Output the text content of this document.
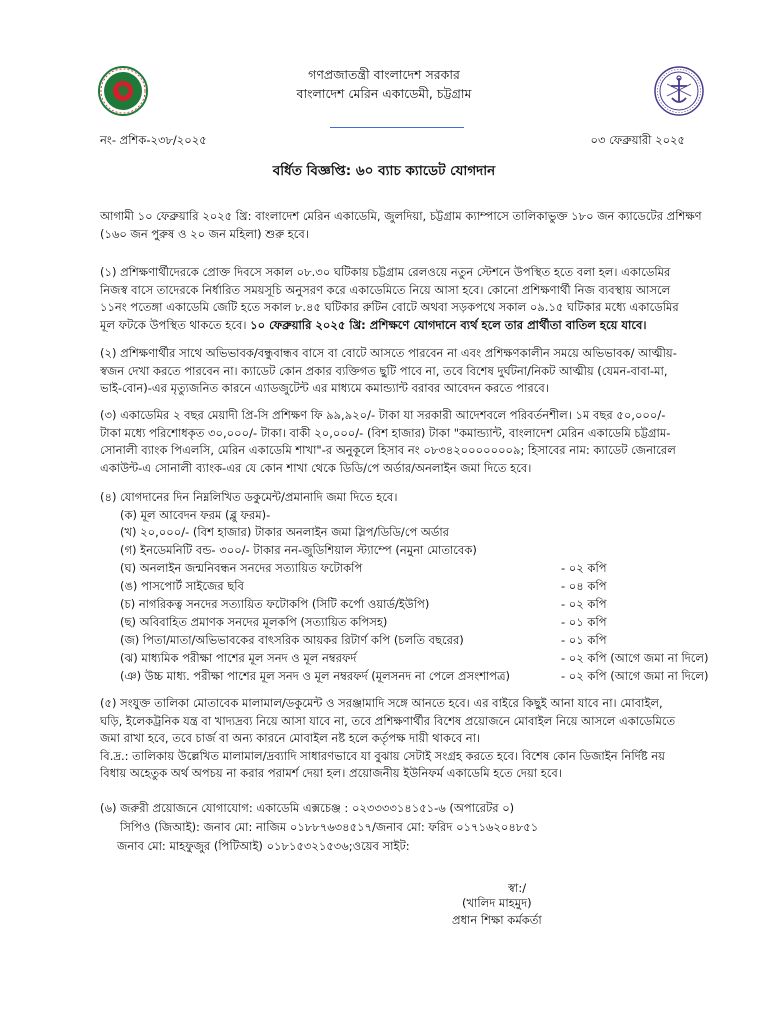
গণপ্রজাতন্ত্রী বাংলাদেশ সরকার
বাংলাদেশ মেরিন একাডেমী, চট্টগ্রাম
নং- প্রশিক-২৩৮/২০২৫	০৩ ফেব্রুয়ারী ২০২৫
বর্ধিত বিজ্ঞপ্তি: ৬০ ব্যাচ ক্যাডেট যোগদান

আগামী ১০ ফেব্রুয়ারি ২০২৫ খ্রি: বাংলাদেশ মেরিন একাডেমি, জুলদিয়া, চট্টগ্রাম ক্যাম্পাসে তালিকাভুক্ত ১৮০ জন ক্যাডেটের প্রশিক্ষণ

(১৬০ জন পুরুষ ও ২০ জন মহিলা) শুরু হবে।

(১) প্রশিক্ষণার্থীদেরকে প্রোক্ত দিবসে সকাল ০৮.৩০ ঘটিকায় চট্টগ্রাম রেলওয়ে নতুন স্টেশনে উপস্থিত হতে বলা হল। একাডেমির

নিজস্ব বাসে তাদেরকে নির্ধারিত সময়সূচি অনুসরণ করে একাডেমিতে নিয়ে আসা হবে। কোনো প্রশিক্ষণার্থী নিজ ব্যবস্থায় আসলে

১১নং পতেঙ্গা একাডেমি জেটি হতে সকাল ৮.৪৫ ঘটিকার রুটিন বোটে অথবা সড়কপথে সকাল ০৯.১৫ ঘটিকার মধ্যে একাডেমির

মূল ফটকে উপস্থিত থাকতে হবে। ১০ ফেব্রুয়ারি ২০২৫ খ্রি: প্রশিক্ষণে যোগদানে ব্যর্থ হলে তার প্রার্থীতা বাতিল হয়ে যাবে।

(২) প্রশিক্ষণার্থীর সাথে অভিভাবক/বন্ধুবান্ধব বাসে বা বোটে আসতে পারবেন না এবং প্রশিক্ষণকালীন সময়ে অভিভাবক/ আত্মীয়-

স্বজন দেখা করতে পারবেন না। ক্যাডেট কোন প্রকার ব্যক্তিগত ছুটি পাবে না, তবে বিশেষ দুর্ঘটনা/নিকট আত্মীয় (যেমন-বাবা-মা,

ভাই-বোন)-এর মৃত্যুজনিত কারনে এ্যাডজুটেন্ট এর মাধ্যমে কমান্ড্যান্ট বরাবর আবেদন করতে পারবে।

(৩) একাডেমির ২ বছর মেয়াদী প্রি-সি প্রশিক্ষণ ফি ৯৯,৯২০/- টাকা যা সরকারী আদেশবলে পরিবর্তনশীল। ১ম বছর ৫০,০০০/-

টাকা মধ্যে পরিশোধকৃত ৩০,০০০/- টাকা। বাকী ২০,০০০/- (বিশ হাজার) টাকা "কমান্ড্যান্ট, বাংলাদেশ মেরিন একাডেমি চট্টগ্রাম-

সোনালী ব্যাংক পিএলসি, মেরিন একাডেমি শাখা"-র অনুকূলে হিসাব নং ০৮৩৪২০০০০০০০৯; হিসাবের নাম: ক্যাডেট জেনারেল

একাউন্ট-এ সোনালী ব্যাংক-এর যে কোন শাখা থেকে ডিডি/পে অর্ডার/অনলাইন জমা দিতে হবে।

(৪) যোগদানের দিন নিম্নলিখিত ডকুমেন্ট/প্রমানাদি জমা দিতে হবে।
(ক) মূল আবেদন ফরম (ব্লু ফরম)-
(খ) ২০,০০০/- (বিশ হাজার) টাকার অনলাইন জমা স্লিপ/ডিডি/পে অর্ডার
(গ) ইনডেমনিটি বন্ড- ৩০০/- টাকার নন-জুডিশিয়াল স্ট্যাম্পে (নমুনা মোতাবেক)
(ঘ) অনলাইন জন্মনিবন্ধন সনদের সত্যায়িত ফটোকপি	- ০২ কপি
(ঙ) পাসপোর্ট সাইজের ছবি	- ০৪ কপি
(চ) নাগরিকত্ব সনদের সত্যায়িত ফটোকপি (সিটি কর্পো ওয়ার্ড/ইউপি)	- ০২ কপি
(ছ) অবিবাহিত প্রমাণক সনদের মূলকপি (সত্যায়িত কপিসহ)	- ০১ কপি
(জ) পিতা/মাতা/অভিভাবকের বাৎসরিক আয়কর রিটার্ণ কপি (চলতি বছরের)	- ০১ কপি
(ঝ) মাধ্যমিক পরীক্ষা পাশের মূল সনদ ও মূল নম্বরফর্দ	- ০২ কপি (আগে জমা না দিলে)
(ঞ) উচ্চ মাধ্য. পরীক্ষা পাশের মূল সনদ ও মূল নম্বরফর্দ (মূলসনদ না পেলে প্রসংশাপত্র)	- ০২ কপি (আগে জমা না দিলে)

(৫) সংযুক্ত তালিকা মোতাবেক মালামাল/ডকুমেন্ট ও সরঞ্জামাদি সঙ্গে আনতে হবে। এর বাইরে কিছুই আনা যাবে না। মোবাইল,

ঘড়ি, ইলেকট্রনিক যন্ত্র বা খাদ্যদ্রব্য নিয়ে আসা যাবে না, তবে প্রশিক্ষণার্থীর বিশেষ প্রয়োজনে মোবাইল নিয়ে আসলে একাডেমিতে

জমা রাখা হবে, তবে চার্জ বা অন্য কারনে মোবাইল নষ্ট হলে কর্তৃপক্ষ দায়ী থাকবে না।

বি.দ্র.: তালিকায় উল্লেখিত মালামাল/দ্রব্যাদি সাধারণভাবে যা বুঝায় সেটাই সংগ্রহ করতে হবে। বিশেষ কোন ডিজাইন নির্দিষ্ট নয়

বিধায় অহেতুক অর্থ অপচয় না করার পরামর্শ দেয়া হল। প্রয়োজনীয় ইউনিফর্ম একাডেমি হতে দেয়া হবে।

(৬) জরুরী প্রয়োজনে যোগাযোগ: একাডেমি এক্সচেঞ্জ : ০২৩৩৩৩১৪১৫১-৬ (অপারেটর ০)
সিপিও (জিআই): জনাব মো: নাজিম ০১৮৮৭৬৩৪৫১৭/জনাব মো: ফরিদ ০১৭১৬২০৪৮৫১
জনাব মো: মাহফুজুর (পিটিআই) ০১৮১৫৩২১৫৩৬;ওয়েব সাইট:
স্বা:/
(খালিদ মাহমুদ)
প্রধান শিক্ষা কর্মকর্তা
